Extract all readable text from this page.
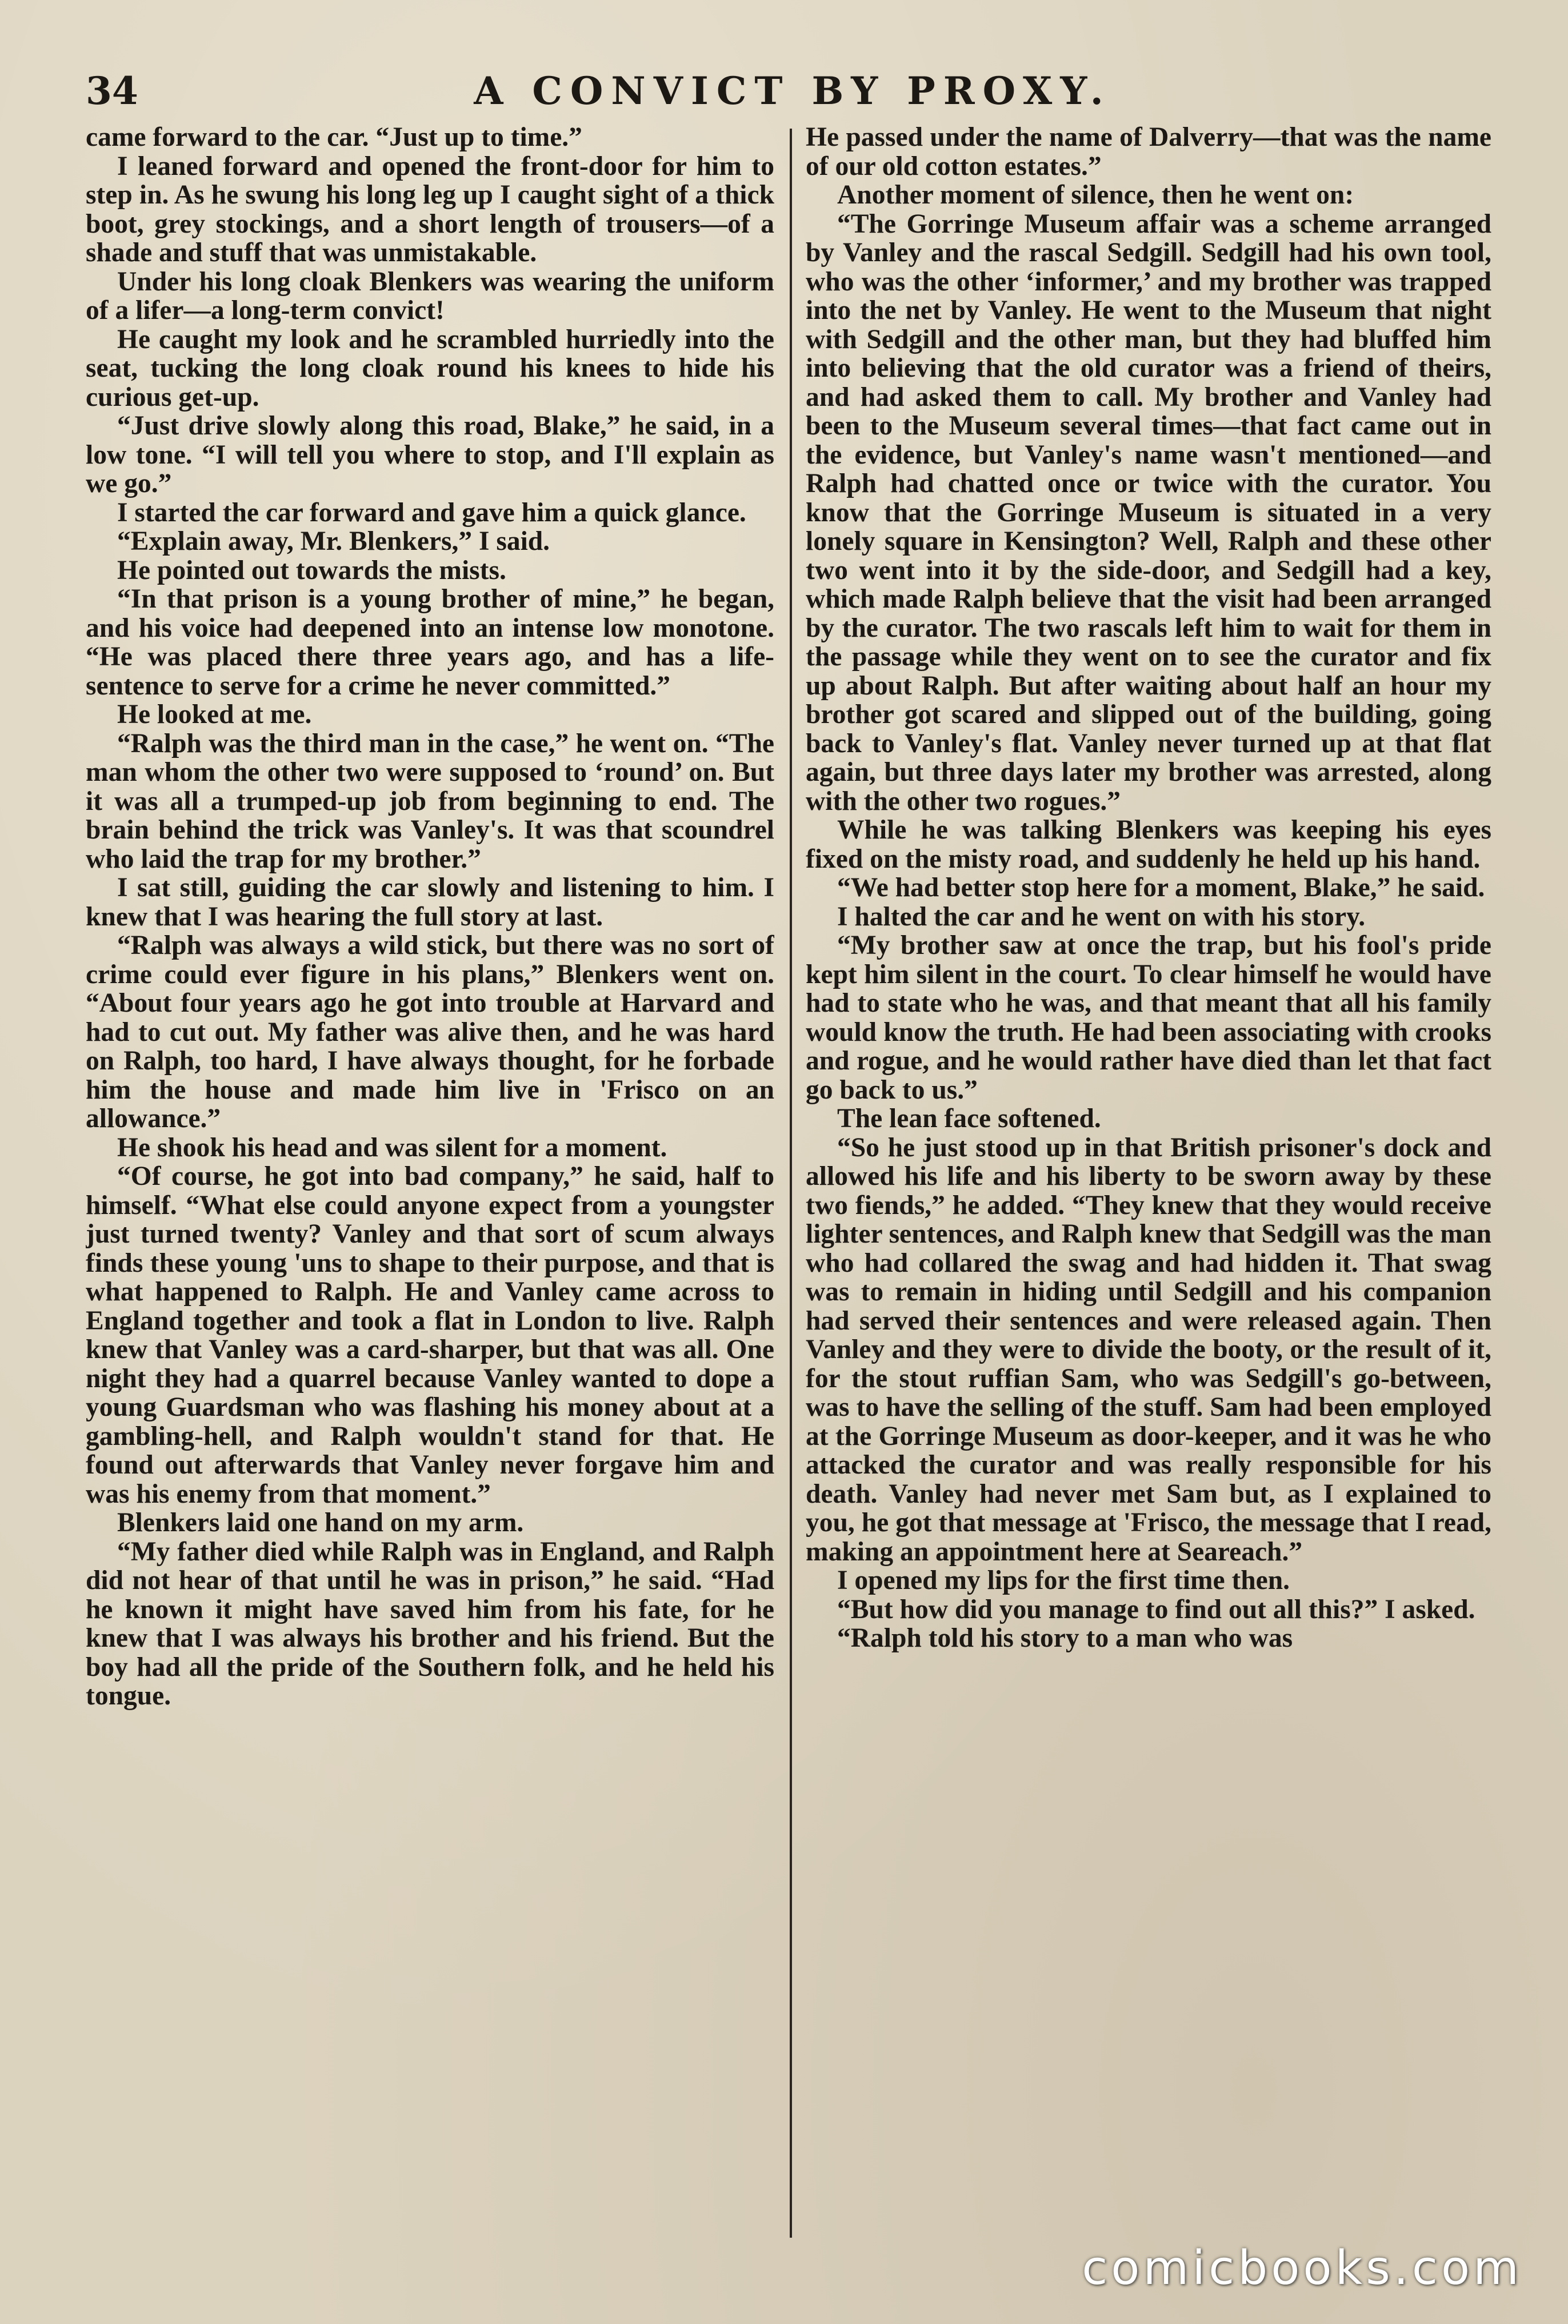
34	A CONVICT BY PROXY.

came forward to the car. “Just up to time.”

I leaned forward and opened the front-door for him to step in. As he swung his long leg up I caught sight of a thick boot, grey stockings, and a short length of trousers—of a shade and stuff that was unmistakable.

Under his long cloak Blenkers was wearing the uniform of a lifer—a long-term convict!

He caught my look and he scrambled hurriedly into the seat, tucking the long cloak round his knees to hide his curious get-up.

“Just drive slowly along this road, Blake,” he said, in a low tone. “I will tell you where to stop, and I'll explain as we go.”

I started the car forward and gave him a quick glance.

“Explain away, Mr. Blenkers,” I said.

He pointed out towards the mists.

“In that prison is a young brother of mine,” he began, and his voice had deepened into an intense low monotone. “He was placed there three years ago, and has a life-sentence to serve for a crime he never committed.”

He looked at me.

“Ralph was the third man in the case,” he went on. “The man whom the other two were supposed to ‘round’ on. But it was all a trumped-up job from beginning to end. The brain behind the trick was Vanley's. It was that scoundrel who laid the trap for my brother.”

I sat still, guiding the car slowly and listening to him. I knew that I was hearing the full story at last.

“Ralph was always a wild stick, but there was no sort of crime could ever figure in his plans,” Blenkers went on. “About four years ago he got into trouble at Harvard and had to cut out. My father was alive then, and he was hard on Ralph, too hard, I have always thought, for he forbade him the house and made him live in 'Frisco on an allowance.”

He shook his head and was silent for a moment.

“Of course, he got into bad company,” he said, half to himself. “What else could anyone expect from a youngster just turned twenty? Vanley and that sort of scum always finds these young 'uns to shape to their purpose, and that is what happened to Ralph. He and Vanley came across to England together and took a flat in London to live. Ralph knew that Vanley was a card-sharper, but that was all. One night they had a quarrel because Vanley wanted to dope a young Guardsman who was flashing his money about at a gambling-hell, and Ralph wouldn't stand for that. He found out afterwards that Vanley never forgave him and was his enemy from that moment.”

Blenkers laid one hand on my arm.

“My father died while Ralph was in England, and Ralph did not hear of that until he was in prison,” he said. “Had he known it might have saved him from his fate, for he knew that I was always his brother and his friend. But the boy had all the pride of the Southern folk, and he held his tongue.

He passed under the name of Dalverry—that was the name of our old cotton estates.”

Another moment of silence, then he went on:

“The Gorringe Museum affair was a scheme arranged by Vanley and the rascal Sedgill. Sedgill had his own tool, who was the other ‘informer,’ and my brother was trapped into the net by Vanley. He went to the Museum that night with Sedgill and the other man, but they had bluffed him into believing that the old curator was a friend of theirs, and had asked them to call. My brother and Vanley had been to the Museum several times—that fact came out in the evidence, but Vanley's name wasn't mentioned—and Ralph had chatted once or twice with the curator. You know that the Gorringe Museum is situated in a very lonely square in Kensington? Well, Ralph and these other two went into it by the side-door, and Sedgill had a key, which made Ralph believe that the visit had been arranged by the curator. The two rascals left him to wait for them in the passage while they went on to see the curator and fix up about Ralph. But after waiting about half an hour my brother got scared and slipped out of the building, going back to Vanley's flat. Vanley never turned up at that flat again, but three days later my brother was arrested, along with the other two rogues.”

While he was talking Blenkers was keeping his eyes fixed on the misty road, and suddenly he held up his hand.

“We had better stop here for a moment, Blake,” he said.

I halted the car and he went on with his story.

“My brother saw at once the trap, but his fool's pride kept him silent in the court. To clear himself he would have had to state who he was, and that meant that all his family would know the truth. He had been associating with crooks and rogue, and he would rather have died than let that fact go back to us.”

The lean face softened.

“So he just stood up in that British prisoner's dock and allowed his life and his liberty to be sworn away by these two fiends,” he added. “They knew that they would receive lighter sentences, and Ralph knew that Sedgill was the man who had collared the swag and had hidden it. That swag was to remain in hiding until Sedgill and his companion had served their sentences and were released again. Then Vanley and they were to divide the booty, or the result of it, for the stout ruffian Sam, who was Sedgill's go-between, was to have the selling of the stuff. Sam had been employed at the Gorringe Museum as door-keeper, and it was he who attacked the curator and was really responsible for his death. Vanley had never met Sam but, as I explained to you, he got that message at 'Frisco, the message that I read, making an appointment here at Seareach.”

I opened my lips for the first time then.

“But how did you manage to find out all this?” I asked.

“Ralph told his story to a man who was

comicbooks.com
